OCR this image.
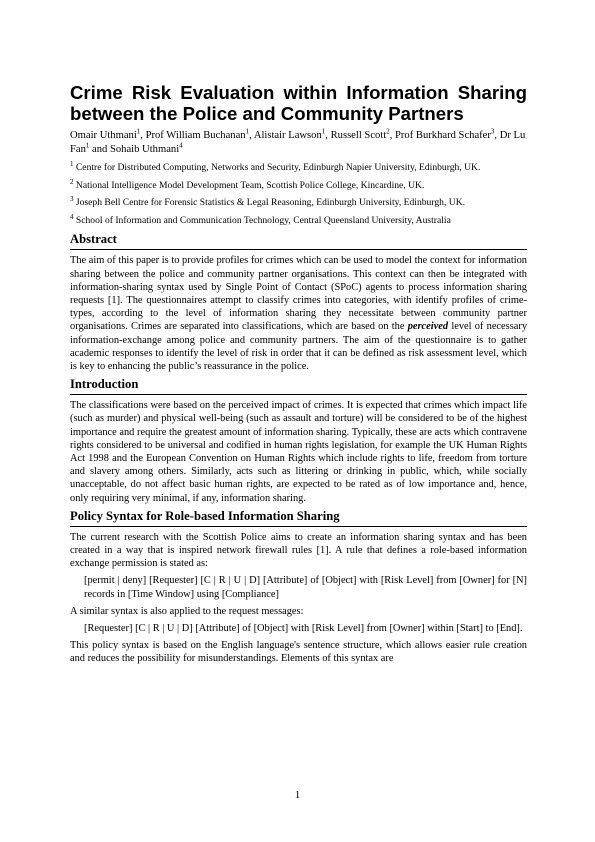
Crime Risk Evaluation within Information Sharing between the Police and Community Partners
Omair Uthmani$^1$, Prof William Buchanan$^1$, Alistair Lawson$^1$, Russell Scott$^2$, Prof Burkhard Schafer$^3$, Dr Lu Fan$^1$ and Sohaib Uthmani$^4$

$^1$ Centre for Distributed Computing, Networks and Security, Edinburgh Napier University, Edinburgh, UK.

$^2$ National Intelligence Model Development Team, Scottish Police College, Kincardine, UK.

$^3$ Joseph Bell Centre for Forensic Statistics & Legal Reasoning, Edinburgh University, Edinburgh, UK.

$^4$ School of Information and Communication Technology, Central Queensland University, Australia

Abstract

The aim of this paper is to provide profiles for crimes which can be used to model the context for information sharing between the police and community partner organisations. This context can then be integrated with information-sharing syntax used by Single Point of Contact (SPoC) agents to process information sharing requests [1]. The questionnaires attempt to classify crimes into categories, with identify profiles of crime-types, according to the level of information sharing they necessitate between community partner organisations. Crimes are separated into classifications, which are based on the perceived level of necessary information-exchange among police and community partners. The aim of the questionnaire is to gather academic responses to identify the level of risk in order that it can be defined as risk assessment level, which is key to enhancing the public’s reassurance in the police.

Introduction

The classifications were based on the perceived impact of crimes. It is expected that crimes which impact life (such as murder) and physical well-being (such as assault and torture) will be considered to be of the highest importance and require the greatest amount of information sharing. Typically, these are acts which contravene rights considered to be universal and codified in human rights legislation, for example the UK Human Rights Act 1998 and the European Convention on Human Rights which include rights to life, freedom from torture and slavery among others. Similarly, acts such as littering or drinking in public, which, while socially unacceptable, do not affect basic human rights, are expected to be rated as of low importance and, hence, only requiring very minimal, if any, information sharing.

Policy Syntax for Role-based Information Sharing

The current research with the Scottish Police aims to create an information sharing syntax and has been created in a way that is inspired network firewall rules [1]. A rule that defines a role-based information exchange permission is stated as:

[permit | deny] [Requester] [C | R | U | D] [Attribute] of [Object] with [Risk Level] from [Owner] for [N] records in [Time Window] using [Compliance]

A similar syntax is also applied to the request messages:

[Requester] [C | R | U | D] [Attribute] of [Object] with [Risk Level] from [Owner] within [Start] to [End].

This policy syntax is based on the English language's sentence structure, which allows easier rule creation and reduces the possibility for misunderstandings. Elements of this syntax are

1
